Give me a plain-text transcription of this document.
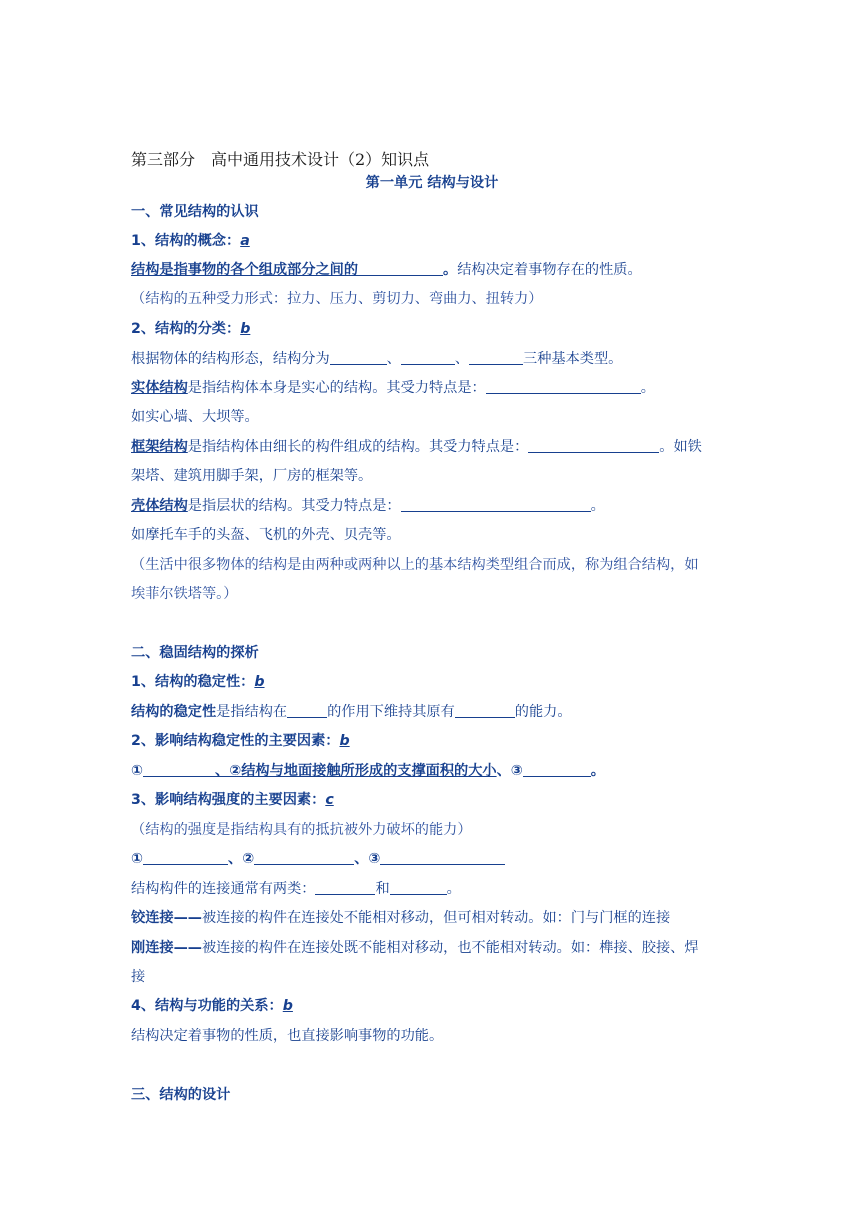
第三部分　高中通用技术设计（2）知识点
第一单元 结构与设计
一、常见结构的认识
1、结构的概念：a
结构是指事物的各个组成部分之间的	。结构决定着事物存在的性质。
（结构的五种受力形式：拉力、压力、剪切力、弯曲力、扭转力）
2、结构的分类：b
根据物体的结构形态，结构分为	、	、	三种基本类型。
实体结构是指结构体本身是实心的结构。其受力特点是：	。
如实心墙、大坝等。
框架结构是指结构体由细长的构件组成的结构。其受力特点是：	。如铁
架塔、建筑用脚手架，厂房的框架等。
壳体结构是指层状的结构。其受力特点是：	。
如摩托车手的头盔、飞机的外壳、贝壳等。
（生活中很多物体的结构是由两种或两种以上的基本结构类型组合而成，称为组合结构，如
埃菲尔铁塔等。）
二、稳固结构的探析
1、结构的稳定性：b
结构的稳定性是指结构在	的作用下维持其原有	的能力。
2、影响结构稳定性的主要因素：b
①	、②结构与地面接触所形成的支撑面积的大小、③	。
3、影响结构强度的主要因素：c
（结构的强度是指结构具有的抵抗被外力破坏的能力）
①	、②	、③
结构构件的连接通常有两类：	和	。
铰连接——被连接的构件在连接处不能相对移动，但可相对转动。如：门与门框的连接
刚连接——被连接的构件在连接处既不能相对移动，也不能相对转动。如：榫接、胶接、焊
接
4、结构与功能的关系：b
结构决定着事物的性质，也直接影响事物的功能。
三、结构的设计
